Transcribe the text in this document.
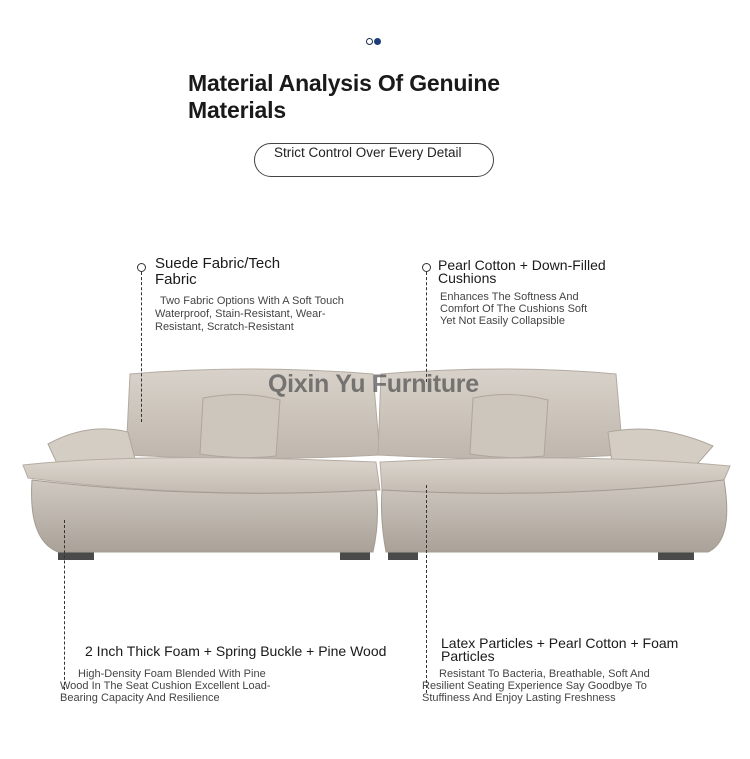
Material Analysis Of Genuine Materials
Strict Control Over Every Detail
Qixin Yu Furniture
Suede Fabric/Tech Fabric
Two Fabric Options With A Soft Touch Waterproof, Stain-Resistant, Wear-Resistant, Scratch-Resistant
Pearl Cotton + Down-Filled Cushions
Enhances The Softness And Comfort Of The Cushions Soft Yet Not Easily Collapsible
2 Inch Thick Foam + Spring Buckle + Pine Wood
High-Density Foam Blended With Pine Wood In The Seat Cushion Excellent Load-Bearing Capacity And Resilience
Latex Particles + Pearl Cotton + Foam Particles
Resistant To Bacteria, Breathable, Soft And Resilient Seating Experience Say Goodbye To Stuffiness And Enjoy Lasting Freshness
